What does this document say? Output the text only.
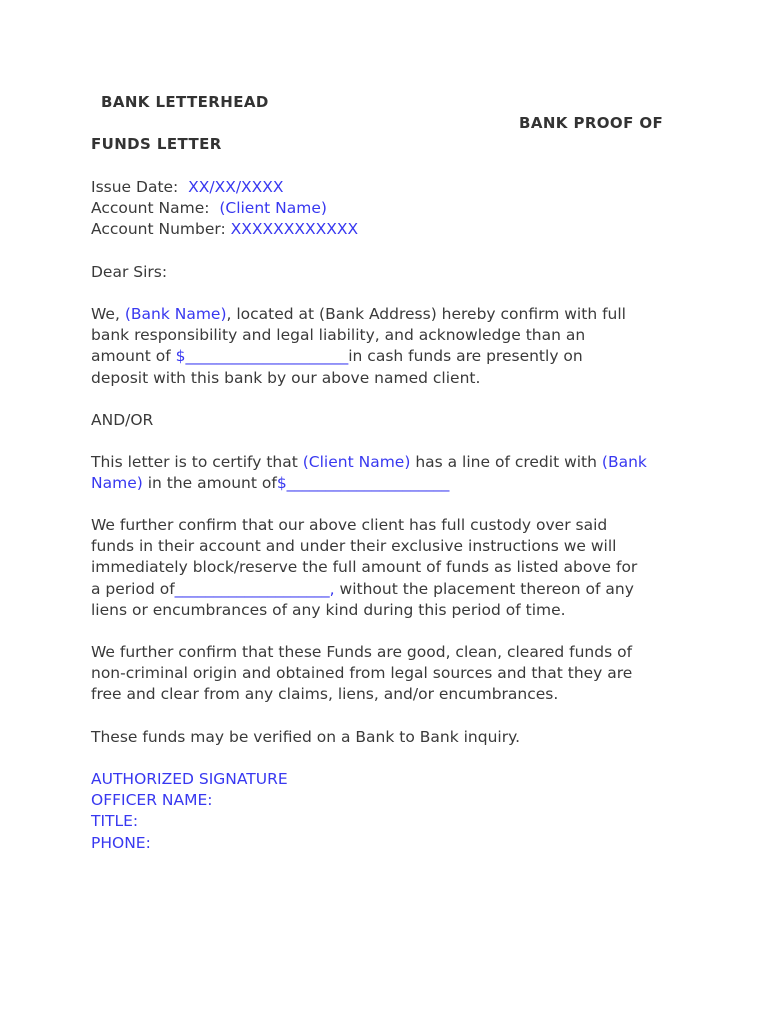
BANK LETTERHEAD
BANK PROOF OF
FUNDS LETTER
Issue Date: XX/XX/XXXX
Account Name: (Client Name)
Account Number: XXXXXXXXXXXX
Dear Sirs:
We, (Bank Name), located at (Bank Address) hereby confirm with full
bank responsibility and legal liability, and acknowledge than an
amount of $_____________________in cash funds are presently on
deposit with this bank by our above named client.
AND/OR
This letter is to certify that (Client Name) has a line of credit with (Bank
Name) in the amount of$_____________________
We further confirm that our above client has full custody over said
funds in their account and under their exclusive instructions we will
immediately block/reserve the full amount of funds as listed above for
a period of____________________, without the placement thereon of any
liens or encumbrances of any kind during this period of time.
We further confirm that these Funds are good, clean, cleared funds of
non-criminal origin and obtained from legal sources and that they are
free and clear from any claims, liens, and/or encumbrances.
These funds may be verified on a Bank to Bank inquiry.
AUTHORIZED SIGNATURE
OFFICER NAME:
TITLE:
PHONE:
